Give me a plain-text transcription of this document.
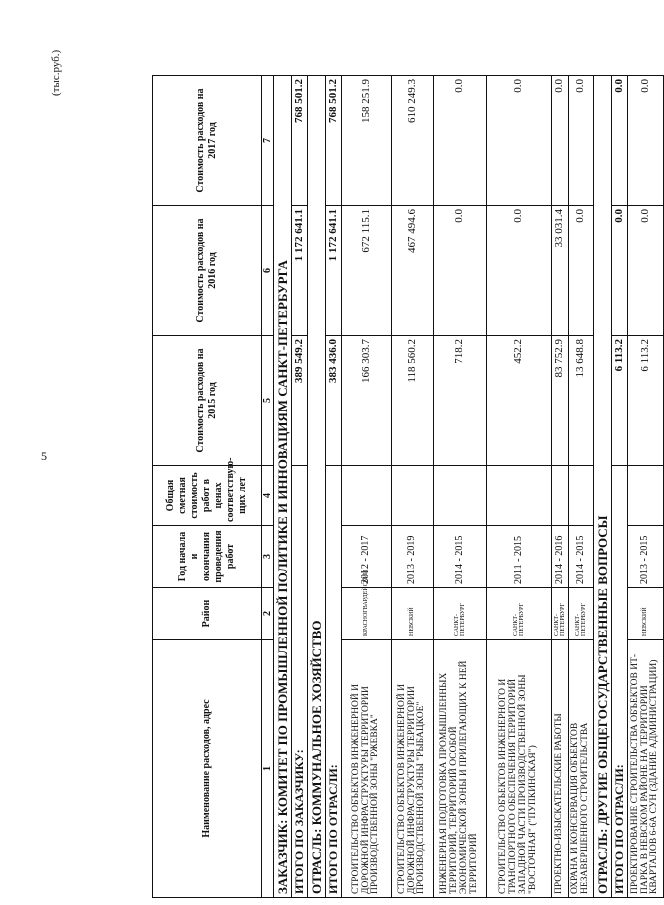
5
(тыс.руб.)
Наименование расходов, адрес	Район	Год начала и окончания проведения работ	Общая сметная стоимость работ в ценах соответствую-щих лет	Стоимость расходов на 2015 год	Стоимость расходов на 2016 год	Стоимость расходов на 2017 год
1	2	3	4	5	6	7
ЗАКАЗЧИК: КОМИТЕТ ПО ПРОМЫШЛЕННОЙ ПОЛИТИКЕ И ИННОВАЦИЯМ САНКТ-ПЕТЕРБУРГА						
ИТОГО ПО ЗАКАЗЧИКУ:				389 549.2	1 172 641.1	768 501.2
ОТРАСЛЬ: КОММУНАЛЬНОЕ ХОЗЯЙСТВО						
ИТОГО ПО ОТРАСЛИ:				383 436.0	1 172 641.1	768 501.2
СТРОИТЕЛЬСТВО ОБЪЕКТОВ ИНЖЕНЕРНОЙ И ДОРОЖНОЙ ИНФРАСТРУКТУРЫ ТЕРРИТОРИИ ПРОИЗВОДСТВЕННОЙ ЗОНЫ "РЖЕВКА"	КРАСНОГВАРДЕЙСКИЙ	2012 - 2017		166 303.7	672 115.1	158 251.9
СТРОИТЕЛЬСТВО ОБЪЕКТОВ ИНЖЕНЕРНОЙ И ДОРОЖНОЙ ИНФРАСТРУКТУРЫ ТЕРРИТОРИИ ПРОИЗВОДСТВЕННОЙ ЗОНЫ "РЫБАЦКОЕ"	НЕВСКИЙ	2013 - 2019		118 560.2	467 494.6	610 249.3
ИНЖЕНЕРНАЯ ПОДГОТОВКА ПРОМЫШЛЕННЫХ ТЕРРИТОРИЙ, ТЕРРИТОРИЙ ОСОБОЙ ЭКОНОМИЧЕСКОЙ ЗОНЫ И ПРИЛЕГАЮЩИХ К НЕЙ ТЕРРИТОРИЙ	САНКТ-ПЕТЕРБУРГ	2014 - 2015		718.2	0.0	0.0
СТРОИТЕЛЬСТВО ОБЪЕКТОВ ИНЖЕНЕРНОГО И ТРАНСПОРТНОГО ОБЕСПЕЧЕНИЯ ТЕРРИТОРИЙ ЗАПАДНОЙ ЧАСТИ ПРОИЗВОДСТВЕННОЙ ЗОНЫ "ВОСТОЧНАЯ" ("ПУПКИНСКАЯ")	САНКТ-ПЕТЕРБУРГ	2011 - 2015		452.2	0.0	0.0
ПРОЕКТНО-ИЗЫСКАТЕЛЬСКИЕ РАБОТЫ	САНКТ-ПЕТЕРБУРГ	2014 - 2016		83 752.9	33 031.4	0.0
ОХРАНА И КОНСЕРВАЦИЯ ОБЪЕКТОВ НЕЗАВЕРШЕННОГО СТРОИТЕЛЬСТВА	САНКТ-ПЕТЕРБУРГ	2014 - 2015		13 648.8	0.0	0.0
ОТРАСЛЬ: ДРУГИЕ ОБЩЕГОСУДАРСТВЕННЫЕ ВОПРОСЫ						
ИТОГО ПО ОТРАСЛИ:				6 113.2	0.0	0.0
ПРОЕКТИРОВАНИЕ СТРОИТЕЛЬСТВА ОБЪЕКТОВ ИТ-ПАРКА В НЕВСКОМ РАЙОНЕ НА ТЕРРИТОРИИ КВАРТАЛОВ 6-6А СУН (ЗДАНИЕ АДМИНИСТРАЦИИ)	НЕВСКИЙ	2013 - 2015		6 113.2	0.0	0.0
